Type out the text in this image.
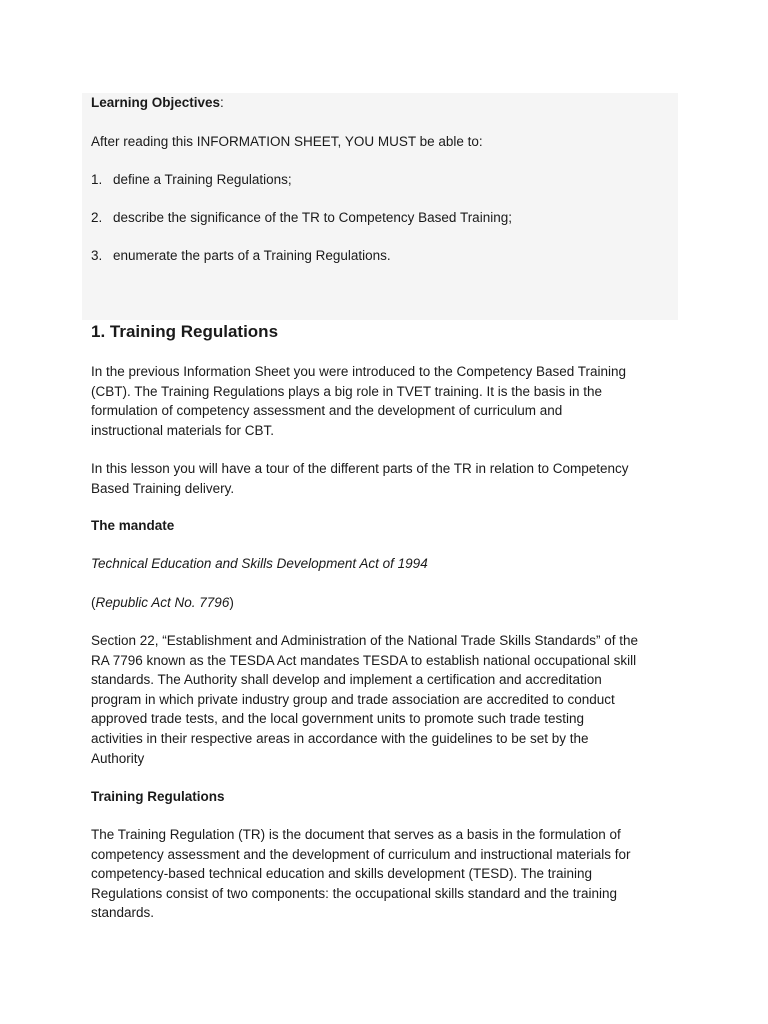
Learning Objectives:

After reading this INFORMATION SHEET, YOU MUST be able to:

1. define a Training Regulations;

2. describe the significance of the TR to Competency Based Training;

3. enumerate the parts of a Training Regulations.

1. Training Regulations
In the previous Information Sheet you were introduced to the Competency Based Training
(CBT). The Training Regulations plays a big role in TVET training. It is the basis in the
formulation of competency assessment and the development of curriculum and
instructional materials for CBT.
In this lesson you will have a tour of the different parts of the TR in relation to Competency
Based Training delivery.

The mandate

Technical Education and Skills Development Act of 1994

(Republic Act No. 7796)

Section 22, “Establishment and Administration of the National Trade Skills Standards” of the
RA 7796 known as the TESDA Act mandates TESDA to establish national occupational skill
standards. The Authority shall develop and implement a certification and accreditation
program in which private industry group and trade association are accredited to conduct
approved trade tests, and the local government units to promote such trade testing
activities in their respective areas in accordance with the guidelines to be set by the
Authority

Training Regulations

The Training Regulation (TR) is the document that serves as a basis in the formulation of
competency assessment and the development of curriculum and instructional materials for
competency-based technical education and skills development (TESD). The training
Regulations consist of two components: the occupational skills standard and the training
standards.
